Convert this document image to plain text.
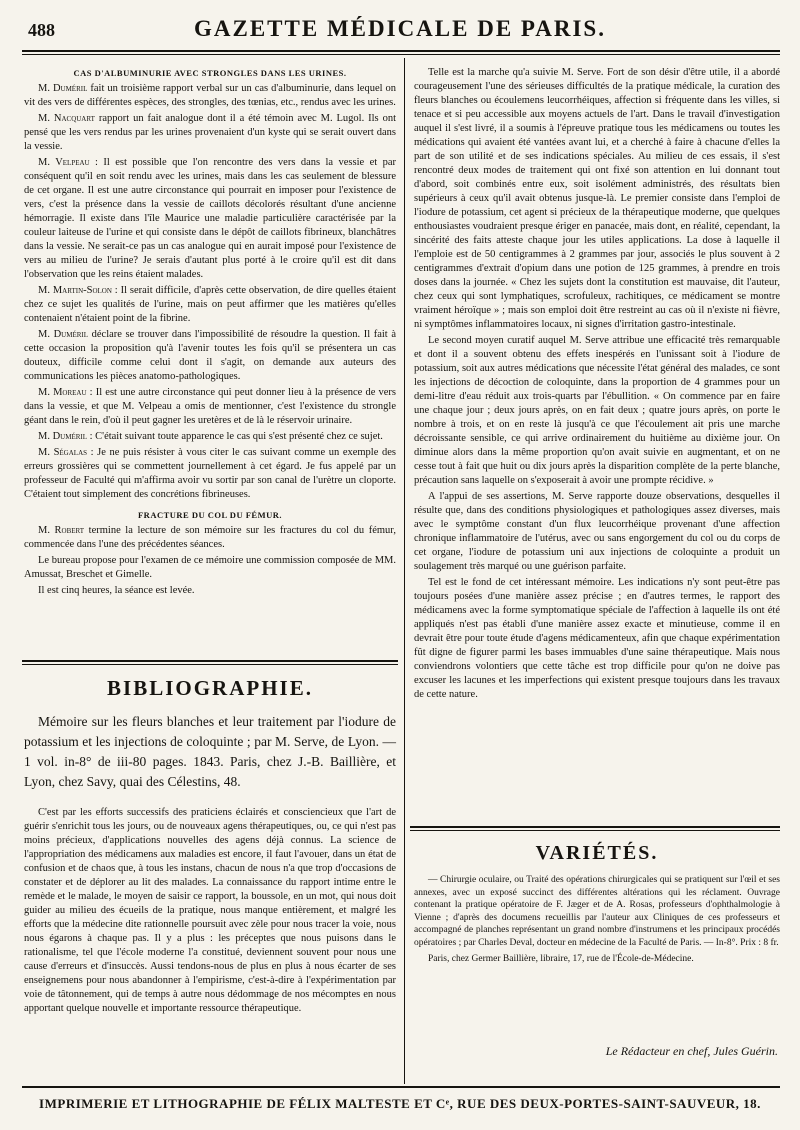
488	GAZETTE MÉDICALE DE PARIS.

CAS D'ALBUMINURIE AVEC STRONGLES DANS LES URINES.

M. Duméril fait un troisième rapport verbal sur un cas d'albuminurie, dans lequel on vit des vers de différentes espèces, des strongles, des tœnias, etc., rendus avec les urines.

M. Nacquart rapport un fait analogue dont il a été témoin avec M. Lugol. Ils ont pensé que les vers rendus par les urines provenaient d'un kyste qui se serait ouvert dans la vessie.

M. Velpeau : Il est possible que l'on rencontre des vers dans la vessie et par conséquent qu'il en soit rendu avec les urines, mais dans les cas seulement de blessure de cet organe. Il est une autre circonstance qui pourrait en imposer pour l'existence de vers, c'est la présence dans la vessie de caillots décolorés résultant d'une ancienne hémorragie. Il existe dans l'île Maurice une maladie particulière caractérisée par la couleur laiteuse de l'urine et qui consiste dans le dépôt de caillots fibrineux, blanchâtres dans la vessie. Ne serait-ce pas un cas analogue qui en aurait imposé pour l'existence de vers au milieu de l'urine? Je serais d'autant plus porté à le croire qu'il est dit dans l'observation que les reins étaient malades.

M. Martin-Solon : Il serait difficile, d'après cette observation, de dire quelles étaient chez ce sujet les qualités de l'urine, mais on peut affirmer que les matières qu'elles contenaient n'étaient point de la fibrine.

M. Duméril déclare se trouver dans l'impossibilité de résoudre la question. Il fait à cette occasion la proposition qu'à l'avenir toutes les fois qu'il se présentera un cas douteux, difficile comme celui dont il s'agit, on demande aux auteurs des communications les pièces anatomo-pathologiques.

M. Moreau : Il est une autre circonstance qui peut donner lieu à la présence de vers dans la vessie, et que M. Velpeau a omis de mentionner, c'est l'existence du strongle géant dans le rein, d'où il peut gagner les uretères et de là le réservoir urinaire.

M. Duméril : C'était suivant toute apparence le cas qui s'est présenté chez ce sujet.

M. Ségalas : Je ne puis résister à vous citer le cas suivant comme un exemple des erreurs grossières qui se commettent journellement à cet égard. Je fus appelé par un professeur de Faculté qui m'affirma avoir vu sortir par son canal de l'urètre un cloporte. C'étaient tout simplement des concrétions fibrineuses.

FRACTURE DU COL DU FÉMUR.

M. Robert termine la lecture de son mémoire sur les fractures du col du fémur, commencée dans l'une des précédentes séances.

Le bureau propose pour l'examen de ce mémoire une commission composée de MM. Amussat, Breschet et Gimelle.

Il est cinq heures, la séance est levée.

BIBLIOGRAPHIE.

Mémoire sur les fleurs blanches et leur traitement par l'iodure de potassium et les injections de coloquinte ; par M. Serve, de Lyon. — 1 vol. in-8° de iii-80 pages. 1843. Paris, chez J.-B. Baillière, et Lyon, chez Savy, quai des Célestins, 48.

C'est par les efforts successifs des praticiens éclairés et consciencieux que l'art de guérir s'enrichit tous les jours, ou de nouveaux agens thérapeutiques, ou, ce qui n'est pas moins précieux, d'applications nouvelles des agens déjà connus. La science de l'appropriation des médicamens aux maladies est encore, il faut l'avouer, dans un état de confusion et de chaos que, à tous les instans, chacun de nous n'a que trop d'occasions de constater et de déplorer au lit des malades. La connaissance du rapport intime entre le remède et le malade, le moyen de saisir ce rapport, la boussole, en un mot, qui nous doit guider au milieu des écueils de la pratique, nous manque entièrement, et malgré les efforts que la médecine dite rationnelle poursuit avec zèle pour nous tracer la voie, nous nous égarons à chaque pas. Il y a plus : les préceptes que nous puisons dans le rationalisme, tel que l'école moderne l'a constitué, deviennent souvent pour nous une cause d'erreurs et d'insuccès. Aussi tendons-nous de plus en plus à nous écarter de ses enseignemens pour nous abandonner à l'empirisme, c'est-à-dire à l'expérimentation par voie de tâtonnement, qui de temps à autre nous dédommage de nos mécomptes en nous apportant quelque nouvelle et importante ressource thérapeutique.

Telle est la marche qu'a suivie M. Serve. Fort de son désir d'être utile, il a abordé courageusement l'une des sérieuses difficultés de la pratique médicale, la curation des fleurs blanches ou écoulemens leucorrhéiques, affection si fréquente dans les villes, si tenace et si peu accessible aux moyens actuels de l'art. Dans le travail d'investigation auquel il s'est livré, il a soumis à l'épreuve pratique tous les médicamens ou toutes les médications qui avaient été vantées avant lui, et a cherché à faire à chacune d'elles la part de son utilité et de ses indications spéciales. Au milieu de ces essais, il s'est rencontré deux modes de traitement qui ont fixé son attention en lui donnant tout d'abord, soit combinés entre eux, soit isolément administrés, des résultats bien supérieurs à ceux qu'il avait obtenus jusque-là. Le premier consiste dans l'emploi de l'iodure de potassium, cet agent si précieux de la thérapeutique moderne, que quelques enthousiastes voudraient presque ériger en panacée, mais dont, en réalité, cependant, la sincérité des faits atteste chaque jour les utiles applications. La dose à laquelle il l'emploie est de 50 centigrammes à 2 grammes par jour, associés le plus souvent à 2 centigrammes d'extrait d'opium dans une potion de 125 grammes, à prendre en trois doses dans la journée. « Chez les sujets dont la constitution est mauvaise, dit l'auteur, chez ceux qui sont lymphatiques, scrofuleux, rachitiques, ce médicament se montre vraiment héroïque » ; mais son emploi doit être restreint au cas où il n'existe ni fièvre, ni symptômes inflammatoires locaux, ni signes d'irritation gastro-intestinale.

Le second moyen curatif auquel M. Serve attribue une efficacité très remarquable et dont il a souvent obtenu des effets inespérés en l'unissant soit à l'iodure de potassium, soit aux autres médications que nécessite l'état général des malades, ce sont les injections de décoction de coloquinte, dans la proportion de 4 grammes pour un demi-litre d'eau réduit aux trois-quarts par l'ébullition. « On commence par en faire une chaque jour ; deux jours après, on en fait deux ; quatre jours après, on porte le nombre à trois, et on en reste là jusqu'à ce que l'écoulement ait pris une marche décroissante sensible, ce qui arrive ordinairement du huitième au dixième jour. On diminue alors dans la même proportion qu'on avait suivie en augmentant, et on ne cesse tout à fait que huit ou dix jours après la disparition complète de la perte blanche, précaution sans laquelle on s'exposerait à avoir une prompte récidive. »

A l'appui de ses assertions, M. Serve rapporte douze observations, desquelles il résulte que, dans des conditions physiologiques et pathologiques assez diverses, mais avec le symptôme constant d'un flux leucorrhéique provenant d'une affection chronique inflammatoire de l'utérus, avec ou sans engorgement du col ou du corps de cet organe, l'iodure de potassium uni aux injections de coloquinte a produit un soulagement très marqué ou une guérison parfaite.

Tel est le fond de cet intéressant mémoire. Les indications n'y sont peut-être pas toujours posées d'une manière assez précise ; en d'autres termes, le rapport des médicamens avec la forme symptomatique spéciale de l'affection à laquelle ils ont été appliqués n'est pas établi d'une manière assez exacte et minutieuse, comme il en devrait être pour toute étude d'agens médicamenteux, afin que chaque expérimentation fût digne de figurer parmi les bases immuables d'une saine thérapeutique. Mais nous conviendrons volontiers que cette tâche est trop difficile pour qu'on ne doive pas excuser les lacunes et les imperfections qui existent presque toujours dans les travaux de cette nature.

VARIÉTÉS.

— Chirurgie oculaire, ou Traité des opérations chirurgicales qui se pratiquent sur l'œil et ses annexes, avec un exposé succinct des différentes altérations qui les réclament. Ouvrage contenant la pratique opératoire de F. Jæger et de A. Rosas, professeurs d'ophthalmologie à Vienne ; d'après des documens recueillis par l'auteur aux Cliniques de ces professeurs et accompagné de planches représentant un grand nombre d'instrumens et les principaux procédés opératoires ; par Charles Deval, docteur en médecine de la Faculté de Paris. — In-8°. Prix : 8 fr.

Paris, chez Germer Baillière, libraire, 17, rue de l'École-de-Médecine.

Le Rédacteur en chef, Jules Guérin.
IMPRIMERIE ET LITHOGRAPHIE DE FÉLIX MALTESTE ET Cᵉ, RUE DES DEUX-PORTES-SAINT-SAUVEUR, 18.
